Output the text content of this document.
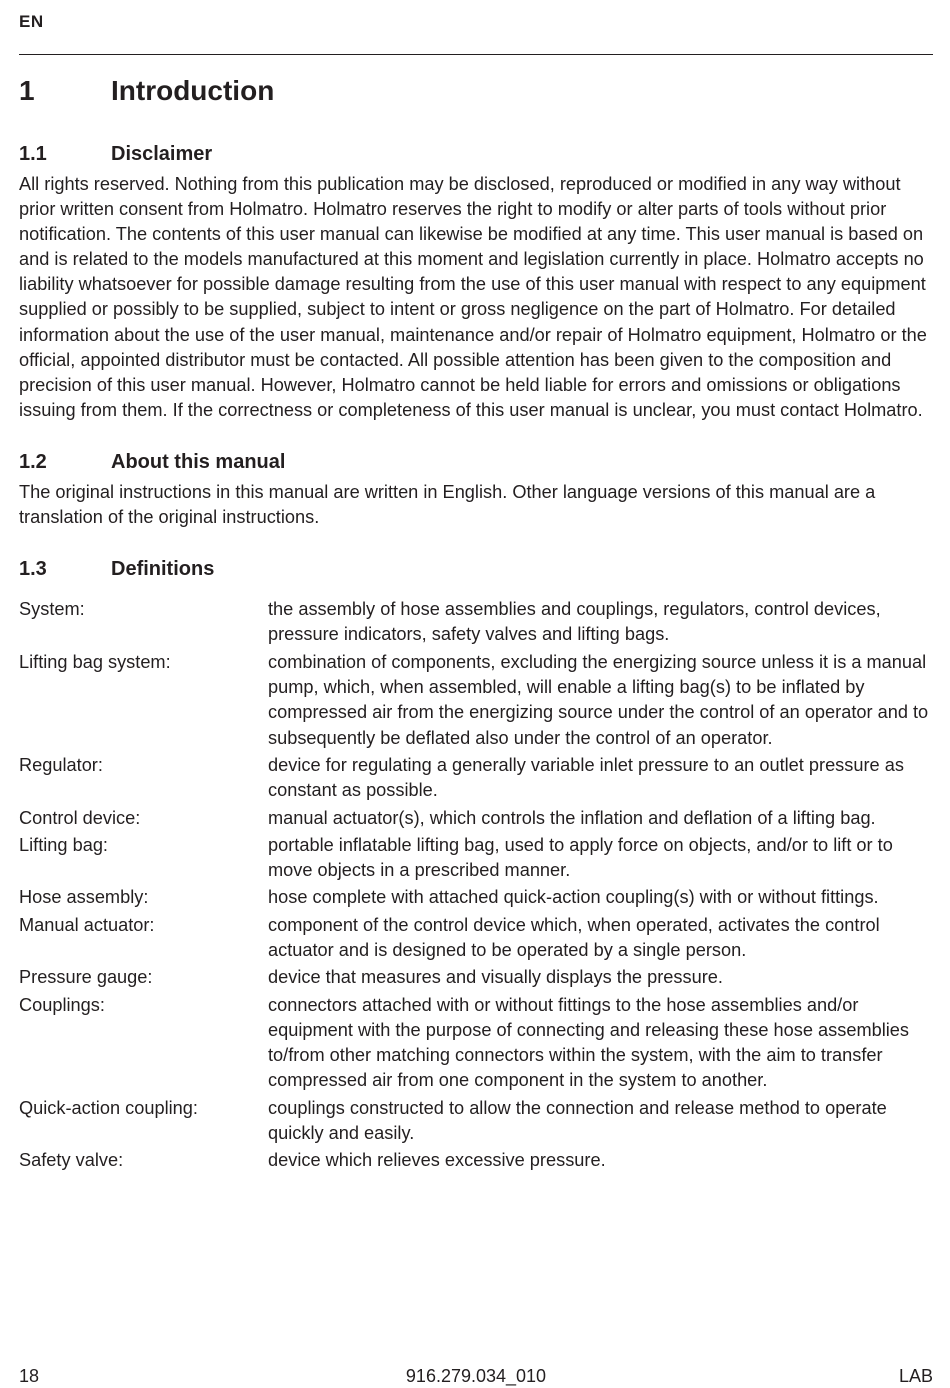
EN
1	Introduction
1.1	Disclaimer

All rights reserved. Nothing from this publication may be disclosed, reproduced or modified in any way without prior written consent from Holmatro. Holmatro reserves the right to modify or alter parts of tools without prior notification. The contents of this user manual can likewise be modified at any time. This user manual is based on and is related to the models manufactured at this moment and legislation currently in place. Holmatro accepts no liability whatsoever for possible damage resulting from the use of this user manual with respect to any equipment supplied or possibly to be supplied, subject to intent or gross negligence on the part of Holmatro. For detailed information about the use of the user manual, maintenance and/or repair of Holmatro equipment, Holmatro or the official, appointed distributor must be contacted. All possible attention has been given to the composition and precision of this user manual. However, Holmatro cannot be held liable for errors and omissions or obligations issuing from them. If the correctness or completeness of this user manual is unclear, you must contact Holmatro.

1.2	About this manual

The original instructions in this manual are written in English. Other language versions of this manual are a translation of the original instructions.

1.3	Definitions
System:	the assembly of hose assemblies and couplings, regulators, control devices, pressure indicators, safety valves and lifting bags.
Lifting bag system:	combination of components, excluding the energizing source unless it is a manual pump, which, when assembled, will enable a lifting bag(s) to be inflated by compressed air from the energizing source under the control of an operator and to subsequently be deflated also under the control of an operator.
Regulator:	device for regulating a generally variable inlet pressure to an outlet pressure as constant as possible.
Control device:	manual actuator(s), which controls the inflation and deflation of a lifting bag.
Lifting bag:	portable inflatable lifting bag, used to apply force on objects, and/or to lift or to move objects in a prescribed manner.
Hose assembly:	hose complete with attached quick-action coupling(s) with or without fittings.
Manual actuator:	component of the control device which, when operated, activates the control actuator and is designed to be operated by a single person.
Pressure gauge:	device that measures and visually displays the pressure.
Couplings:	connectors attached with or without fittings to the hose assemblies and/or equipment with the purpose of connecting and releasing these hose assemblies to/from other matching connectors within the system, with the aim to transfer compressed air from one component in the system to another.
Quick-action coupling:	couplings constructed to allow the connection and release method to operate quickly and easily.
Safety valve:	device which relieves excessive pressure.
18	916.279.034_010	LAB
